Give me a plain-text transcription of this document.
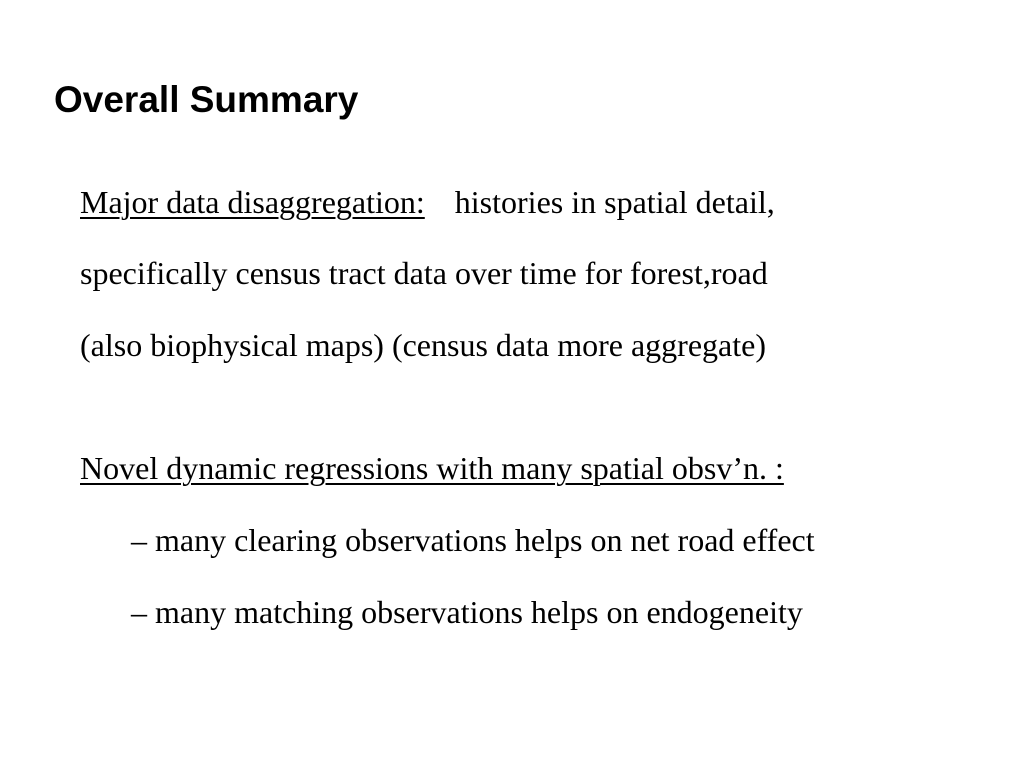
Overall Summary

Major data disaggregation: histories in spatial detail,

specifically census tract data over time for forest,road

(also biophysical maps) (census data more aggregate)

Novel dynamic regressions with many spatial obsv’n. :

– many clearing observations helps on net road effect

– many matching observations helps on endogeneity
